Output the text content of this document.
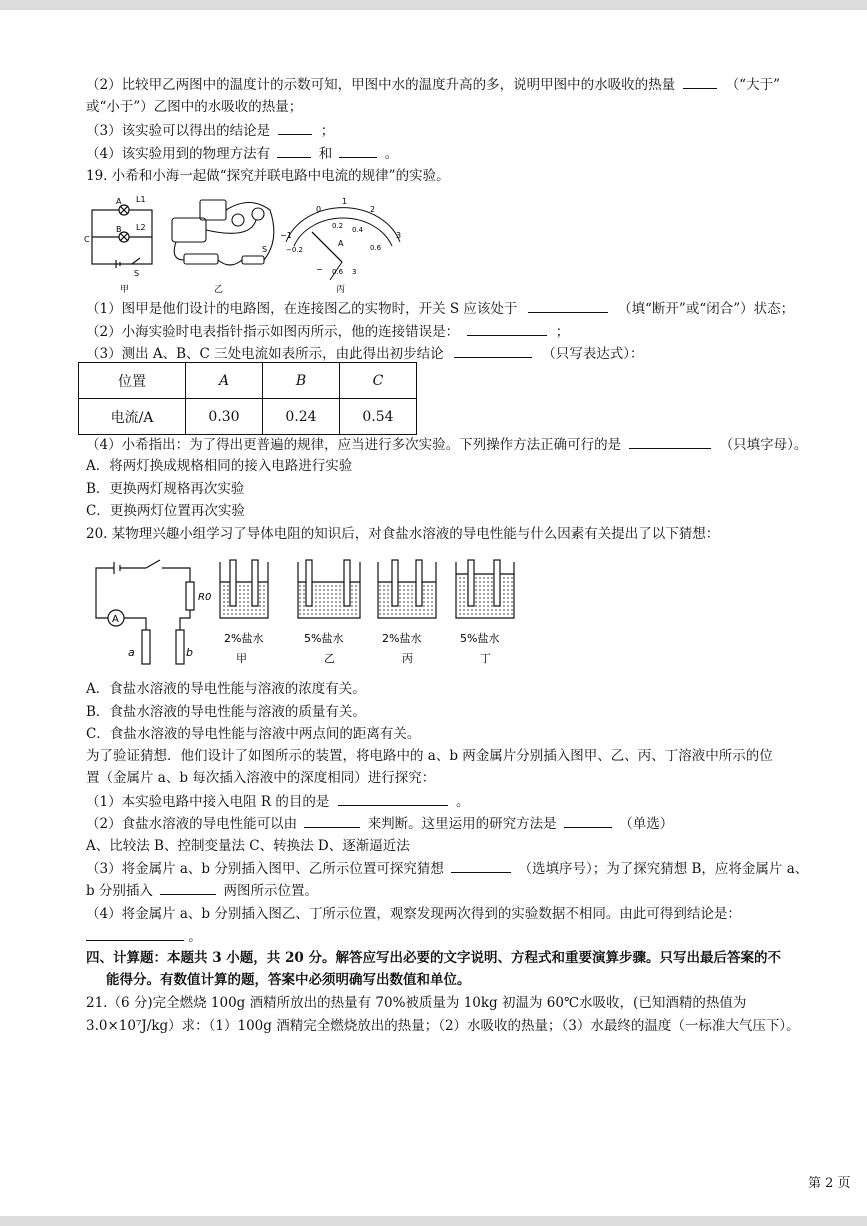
（2）比较甲乙两图中的温度计的示数可知，甲图中水的温度升高的多，说明甲图中的水吸收的热量	（“大于”
或“小于”）乙图中的水吸收的热量；
（3）该实验可以得出的结论是	；
（4）该实验用到的物理方法有	和	。
19. 小希和小海一起做“探究并联电路中电流的规律”的实验。
A L1
B L2
C
S
甲
S
乙
−1
0
1
2
3
0.2 0.4
0.6
−0.2
A
− 0.6 3
丙
（1）图甲是他们设计的电路图，在连接图乙的实物时，开关 S 应该处于	（填“断开”或“闭合”）状态；
（2）小海实验时电表指针指示如图丙所示，他的连接错误是：	；
（3）测出 A、B、C 三处电流如表所示，由此得出初步结论	（只写表达式）：
位置	A	B	C
电流/A	0.30	0.24	0.54
（4）小希指出：为了得出更普遍的规律，应当进行多次实验。下列操作方法正确可行的是	（只填字母）。
A．将两灯换成规格相同的接入电路进行实验
B．更换两灯规格再次实验
C．更换两灯位置再次实验
20. 某物理兴趣小组学习了导体电阻的知识后，对食盐水溶液的导电性能与什么因素有关提出了以下猜想：
A
R0
a	b
2%盐水
甲
5%盐水
乙
2%盐水
丙
5%盐水
丁
A．食盐水溶液的导电性能与溶液的浓度有关。
B．食盐水溶液的导电性能与溶液的质量有关。
C．食盐水溶液的导电性能与溶液中两点间的距离有关。
为了验证猜想．他们设计了如图所示的装置，将电路中的 a、b 两金属片分别插入图甲、乙、丙、丁溶液中所示的位
置（金属片 a、b 每次插入溶液中的深度相同）进行探究：
（1）本实验电路中接入电阻 R 的目的是	。
（2）食盐水溶液的导电性能可以由	来判断。这里运用的研究方法是	（单选）
A、比较法 B、控制变量法 C、转换法 D、逐渐逼近法
（3）将金属片 a、b 分别插入图甲、乙所示位置可探究猜想	（选填序号）；为了探究猜想 B，应将金属片 a、
b 分别插入	两图所示位置。
（4）将金属片 a、b 分别插入图乙、丁所示位置，观察发现两次得到的实验数据不相同。由此可得到结论是：
。
四、计算题：本题共 3 小题，共 20 分。解答应写出必要的文字说明、方程式和重要演算步骤。只写出最后答案的不
能得分。有数值计算的题，答案中必须明确写出数值和单位。
21.（6 分)完全燃烧 100g 酒精所放出的热量有 70%被质量为 10kg 初温为 60℃水吸收，(已知酒精的热值为
3.0×10⁷J/kg）求：（1）100g 酒精完全燃烧放出的热量；（2）水吸收的热量；（3）水最终的温度（一标准大气压下）。
第 2 页
